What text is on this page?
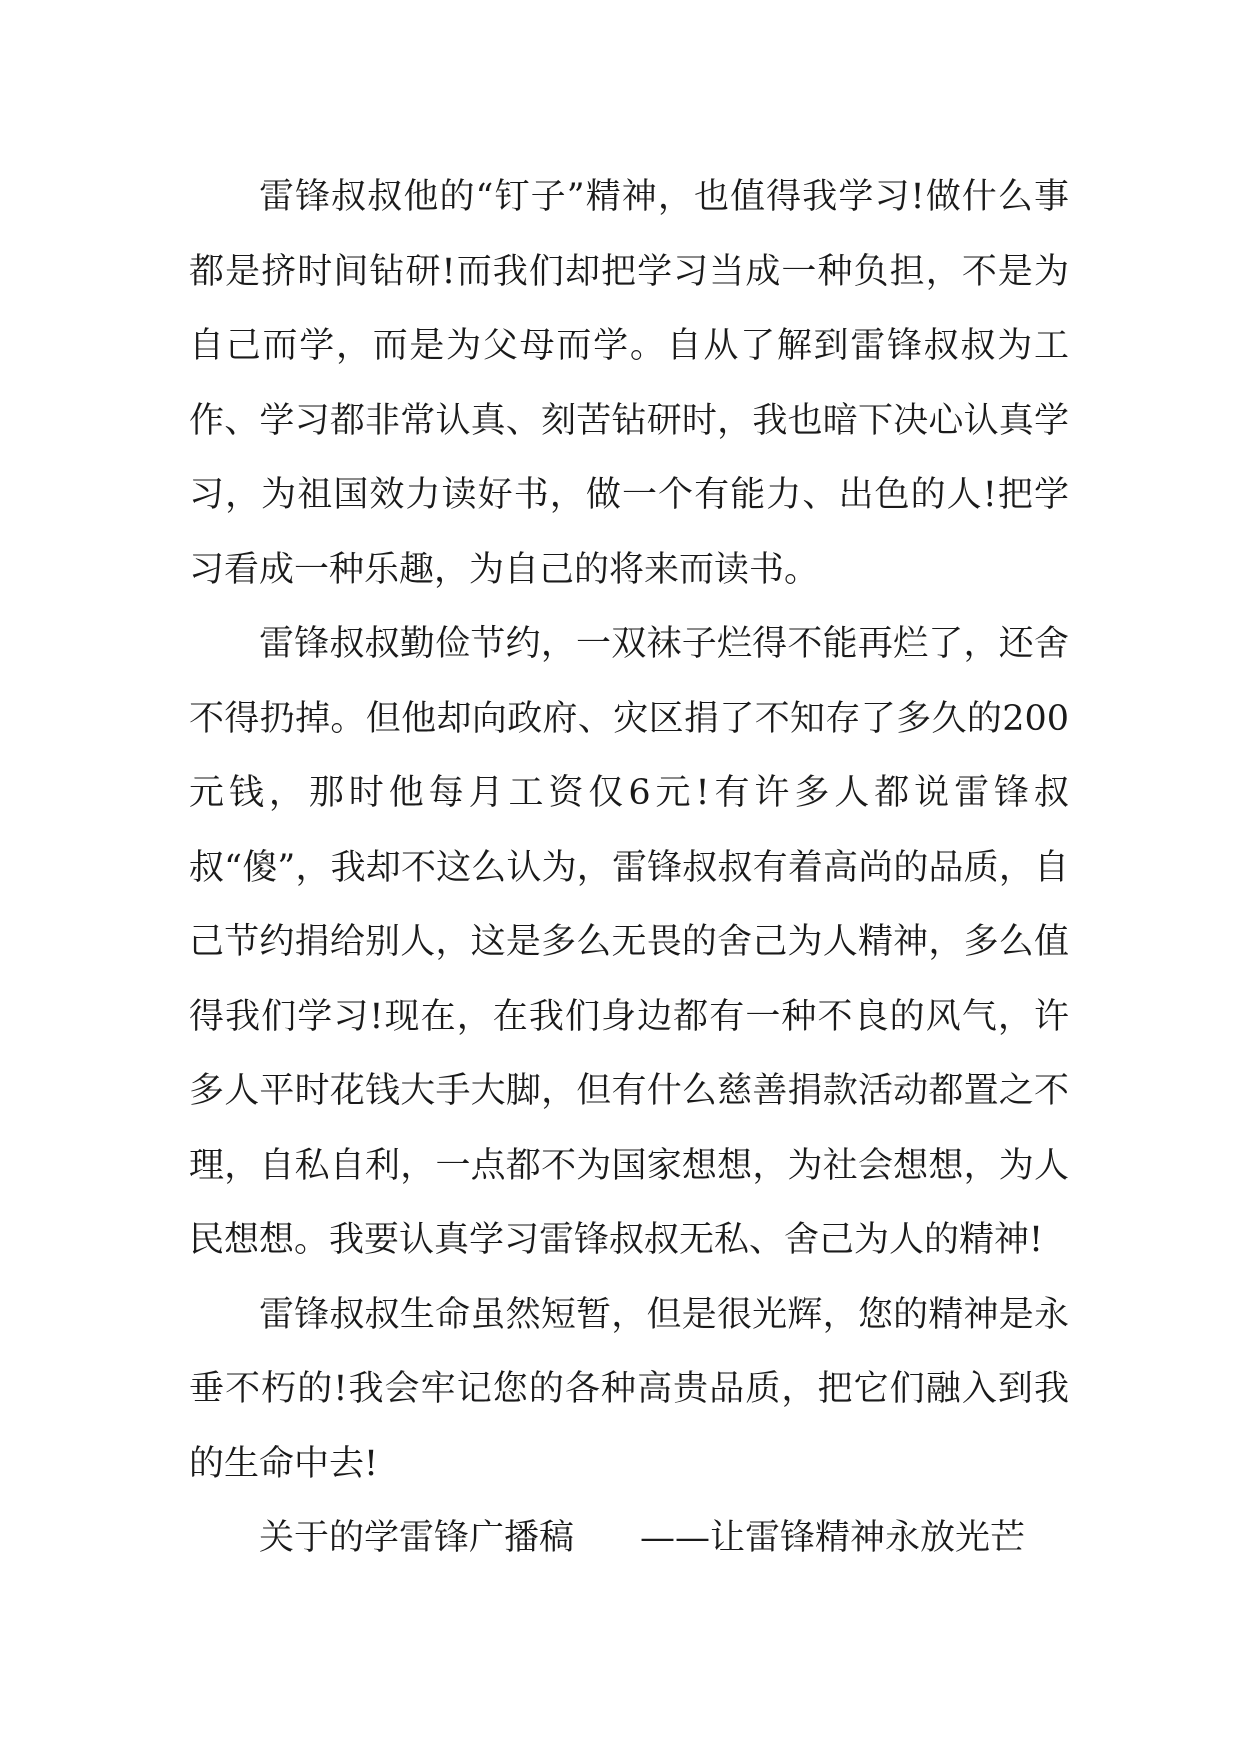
雷锋叔叔他的“钉子”精神，也值得我学习!做什么事都是挤时间钻研!而我们却把学习当成一种负担，不是为自己而学，而是为父母而学。自从了解到雷锋叔叔为工作、学习都非常认真、刻苦钻研时，我也暗下决心认真学习，为祖国效力读好书，做一个有能力、出色的人!把学习看成一种乐趣，为自己的将来而读书。

雷锋叔叔勤俭节约，一双袜子烂得不能再烂了，还舍不得扔掉。但他却向政府、灾区捐了不知存了多久的200元钱，那时他每月工资仅6元!有许多人都说雷锋叔叔“傻”，我却不这么认为，雷锋叔叔有着高尚的品质，自己节约捐给别人，这是多么无畏的舍己为人精神，多么值得我们学习!现在，在我们身边都有一种不良的风气，许多人平时花钱大手大脚，但有什么慈善捐款活动都置之不理，自私自利，一点都不为国家想想，为社会想想，为人民想想。我要认真学习雷锋叔叔无私、舍己为人的精神!

雷锋叔叔生命虽然短暂，但是很光辉，您的精神是永垂不朽的!我会牢记您的各种高贵品质，把它们融入到我的生命中去!

关于的学雷锋广播稿 ——让雷锋精神永放光芒
